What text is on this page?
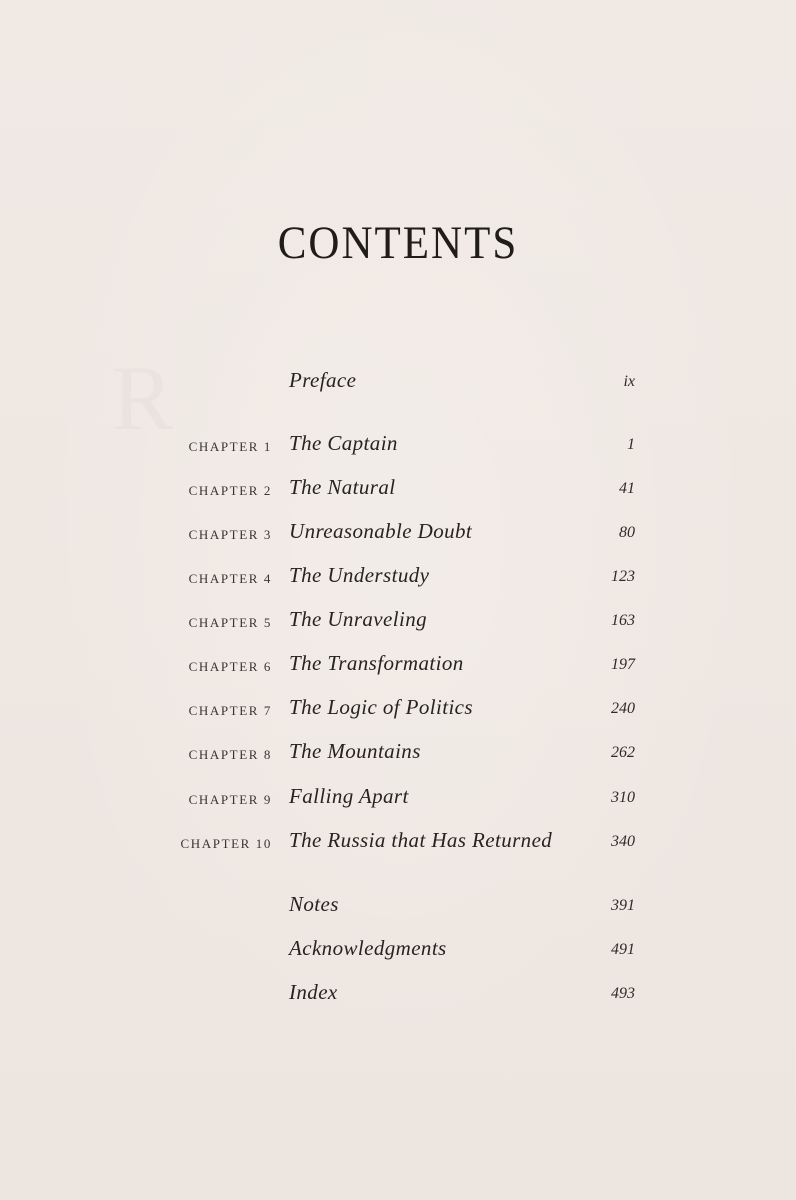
R
CONTENTS
Preface	ix
CHAPTER 1 The Captain	1
CHAPTER 2 The Natural	41
CHAPTER 3 Unreasonable Doubt	80
CHAPTER 4 The Understudy	123
CHAPTER 5 The Unraveling	163
CHAPTER 6 The Transformation	197
CHAPTER 7 The Logic of Politics	240
CHAPTER 8 The Mountains	262
CHAPTER 9 Falling Apart	310
CHAPTER 10 The Russia that Has Returned	340
Notes	391
Acknowledgments	491
Index	493
